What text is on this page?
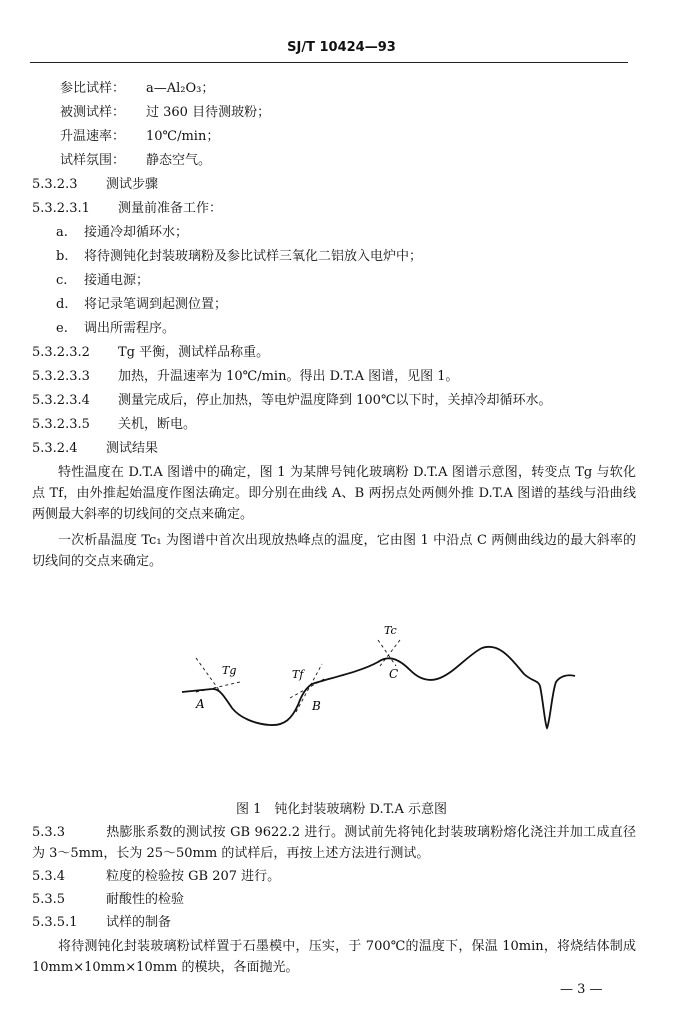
SJ/T 10424—93
参比试样： a—Al₂O₃；
被测试样： 过 360 目待测玻粉；
升温速率： 10℃/min；
试样氛围： 静态空气。
5.3.2.3 测试步骤
5.3.2.3.1 测量前准备工作：
a. 接通冷却循环水；
b. 将待测钝化封装玻璃粉及参比试样三氧化二铝放入电炉中；
c. 接通电源；
d. 将记录笔调到起测位置；
e. 调出所需程序。
5.3.2.3.2 Tg 平衡，测试样品称重。
5.3.2.3.3 加热，升温速率为 10℃/min。得出 D.T.A 图谱，见图 1。
5.3.2.3.4 测量完成后，停止加热，等电炉温度降到 100℃以下时，关掉冷却循环水。
5.3.2.3.5 关机，断电。
5.3.2.4 测试结果
特性温度在 D.T.A 图谱中的确定，图 1 为某牌号钝化玻璃粉 D.T.A 图谱示意图，转变点 Tg 与软化点 Tf，由外推起始温度作图法确定。即分别在曲线 A、B 两拐点处两侧外推 D.T.A 图谱的基线与沿曲线两侧最大斜率的切线间的交点来确定。
一次析晶温度 Tc₁ 为图谱中首次出现放热峰点的温度，它由图 1 中沿点 C 两侧曲线边的最大斜率的切线间的交点来确定。
A	B
C
Tg	Tf
Tc
图 1　钝化封装玻璃粉 D.T.A 示意图
5.3.3	热膨胀系数的测试按 GB 9622.2 进行。测试前先将钝化封装玻璃粉熔化浇注并加工成直径为 3～5mm，长为 25～50mm 的试样后，再按上述方法进行测试。
5.3.4	粒度的检验按 GB 207 进行。
5.3.5	耐酸性的检验
5.3.5.1 试样的制备
将待测钝化封装玻璃粉试样置于石墨模中，压实，于 700℃的温度下，保温 10min，将烧结体制成 10mm×10mm×10mm 的模块，各面抛光。
— 3 —
